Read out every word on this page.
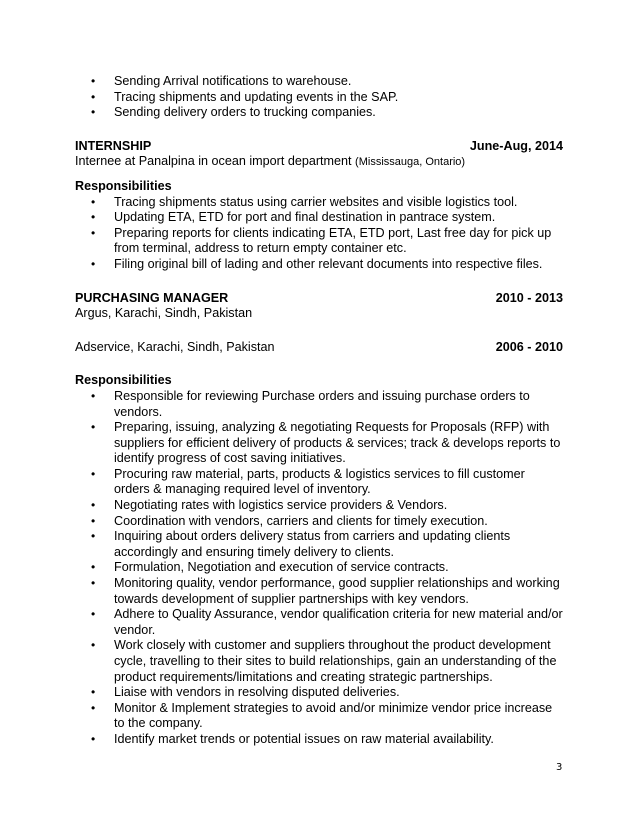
• Sending Arrival notifications to warehouse.
• Tracing shipments and updating events in the SAP.
• Sending delivery orders to trucking companies.
INTERNSHIP	June-Aug, 2014
Internee at Panalpina in ocean import department (Mississauga, Ontario)
Responsibilities
• Tracing shipments status using carrier websites and visible logistics tool.
• Updating ETA, ETD for port and final destination in pantrace system.
• Preparing reports for clients indicating ETA, ETD port, Last free day for pick up from terminal, address to return empty container etc.
• Filing original bill of lading and other relevant documents into respective files.
PURCHASING MANAGER	2010 - 2013
Argus, Karachi, Sindh, Pakistan
Adservice, Karachi, Sindh, Pakistan	2006 - 2010
Responsibilities
• Responsible for reviewing Purchase orders and issuing purchase orders to vendors.
• Preparing, issuing, analyzing & negotiating Requests for Proposals (RFP) with suppliers for efficient delivery of products & services; track & develops reports to identify progress of cost saving initiatives.
• Procuring raw material, parts, products & logistics services to fill customer orders & managing required level of inventory.
• Negotiating rates with logistics service providers & Vendors.
• Coordination with vendors, carriers and clients for timely execution.
• Inquiring about orders delivery status from carriers and updating clients accordingly and ensuring timely delivery to clients.
• Formulation, Negotiation and execution of service contracts.
• Monitoring quality, vendor performance, good supplier relationships and working towards development of supplier partnerships with key vendors.
• Adhere to Quality Assurance, vendor qualification criteria for new material and/or vendor.
• Work closely with customer and suppliers throughout the product development cycle, travelling to their sites to build relationships, gain an understanding of the product requirements/limitations and creating strategic partnerships.
• Liaise with vendors in resolving disputed deliveries.
• Monitor & Implement strategies to avoid and/or minimize vendor price increase to the company.
• Identify market trends or potential issues on raw material availability.
3
